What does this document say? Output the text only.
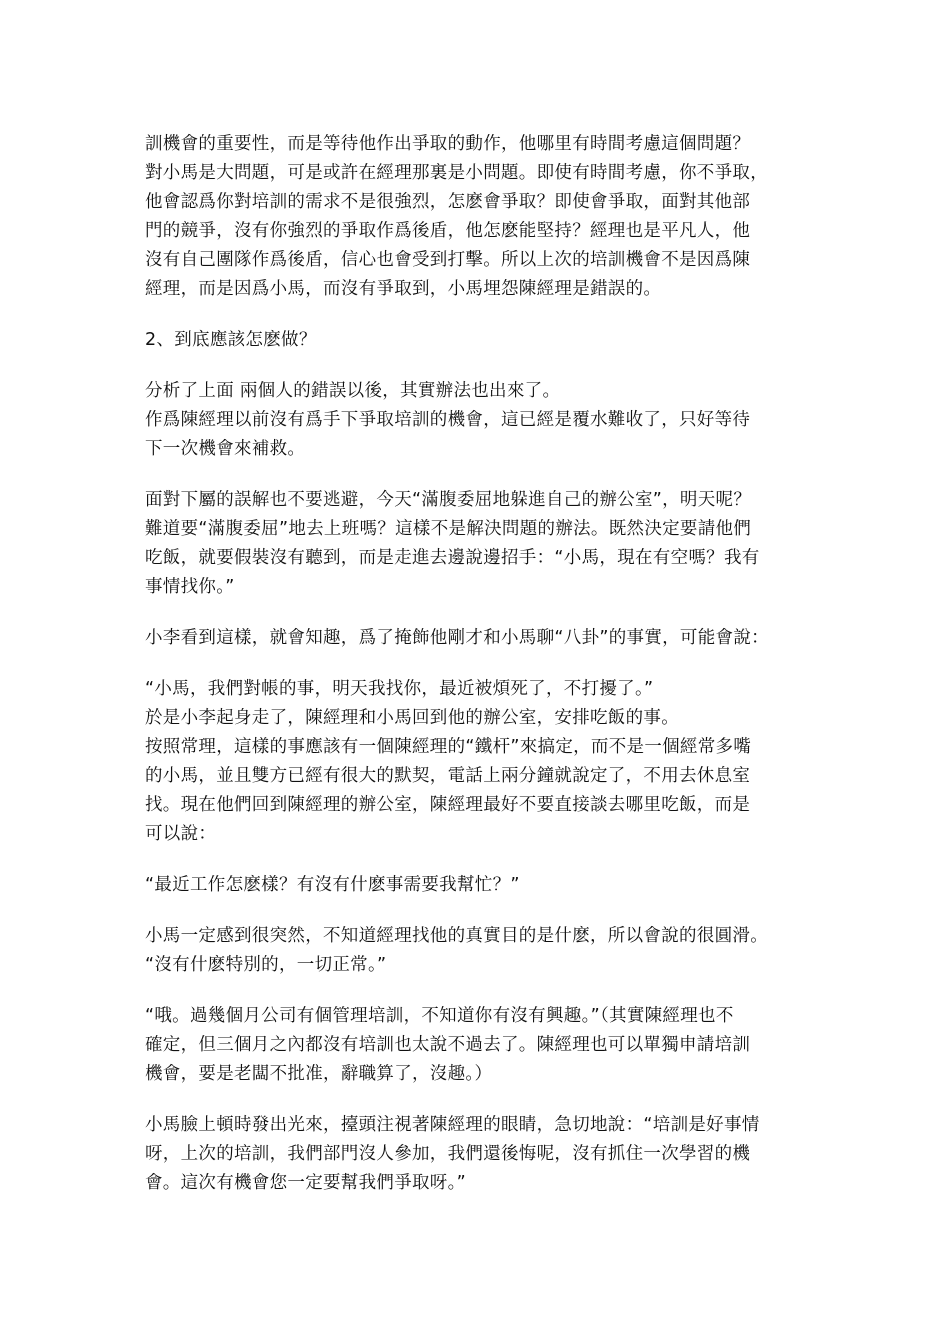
訓機會的重要性，而是等待他作出爭取的動作，他哪里有時間考慮這個問題？
對小馬是大問題，可是或許在經理那裏是小問題。即使有時間考慮，你不爭取，
他會認爲你對培訓的需求不是很強烈，怎麽會爭取？即使會爭取，面對其他部
門的競爭，沒有你強烈的爭取作爲後盾，他怎麽能堅持？經理也是平凡人，他
沒有自己團隊作爲後盾，信心也會受到打擊。所以上次的培訓機會不是因爲陳
經理，而是因爲小馬，而沒有爭取到，小馬埋怨陳經理是錯誤的。
2、到底應該怎麽做？
分析了上面 兩個人的錯誤以後，其實辦法也出來了。
作爲陳經理以前沒有爲手下爭取培訓的機會，這已經是覆水難收了，只好等待
下一次機會來補救。
面對下屬的誤解也不要逃避，今天“滿腹委屈地躲進自己的辦公室”，明天呢？
難道要“滿腹委屈”地去上班嗎？這樣不是解決問題的辦法。既然決定要請他們
吃飯，就要假裝沒有聽到，而是走進去邊說邊招手：“小馬，現在有空嗎？我有
事情找你。”
小李看到這樣，就會知趣，爲了掩飾他剛才和小馬聊“八卦”的事實，可能會說：
“小馬，我們對帳的事，明天我找你，最近被煩死了，不打擾了。”
於是小李起身走了，陳經理和小馬回到他的辦公室，安排吃飯的事。
按照常理，這樣的事應該有一個陳經理的“鐵杆”來搞定，而不是一個經常多嘴
的小馬，並且雙方已經有很大的默契，電話上兩分鐘就說定了，不用去休息室
找。現在他們回到陳經理的辦公室，陳經理最好不要直接談去哪里吃飯，而是
可以說：
“最近工作怎麽樣？有沒有什麽事需要我幫忙？”
小馬一定感到很突然，不知道經理找他的真實目的是什麽，所以會說的很圓滑。
“沒有什麽特別的，一切正常。”
“哦。過幾個月公司有個管理培訓，不知道你有沒有興趣。”（其實陳經理也不
確定，但三個月之內都沒有培訓也太說不過去了。陳經理也可以單獨申請培訓
機會，要是老闆不批准，辭職算了，沒趣。）
小馬臉上頓時發出光來，擡頭注視著陳經理的眼睛，急切地說：“培訓是好事情
呀，上次的培訓，我們部門沒人參加，我們還後悔呢，沒有抓住一次學習的機
會。這次有機會您一定要幫我們爭取呀。”
